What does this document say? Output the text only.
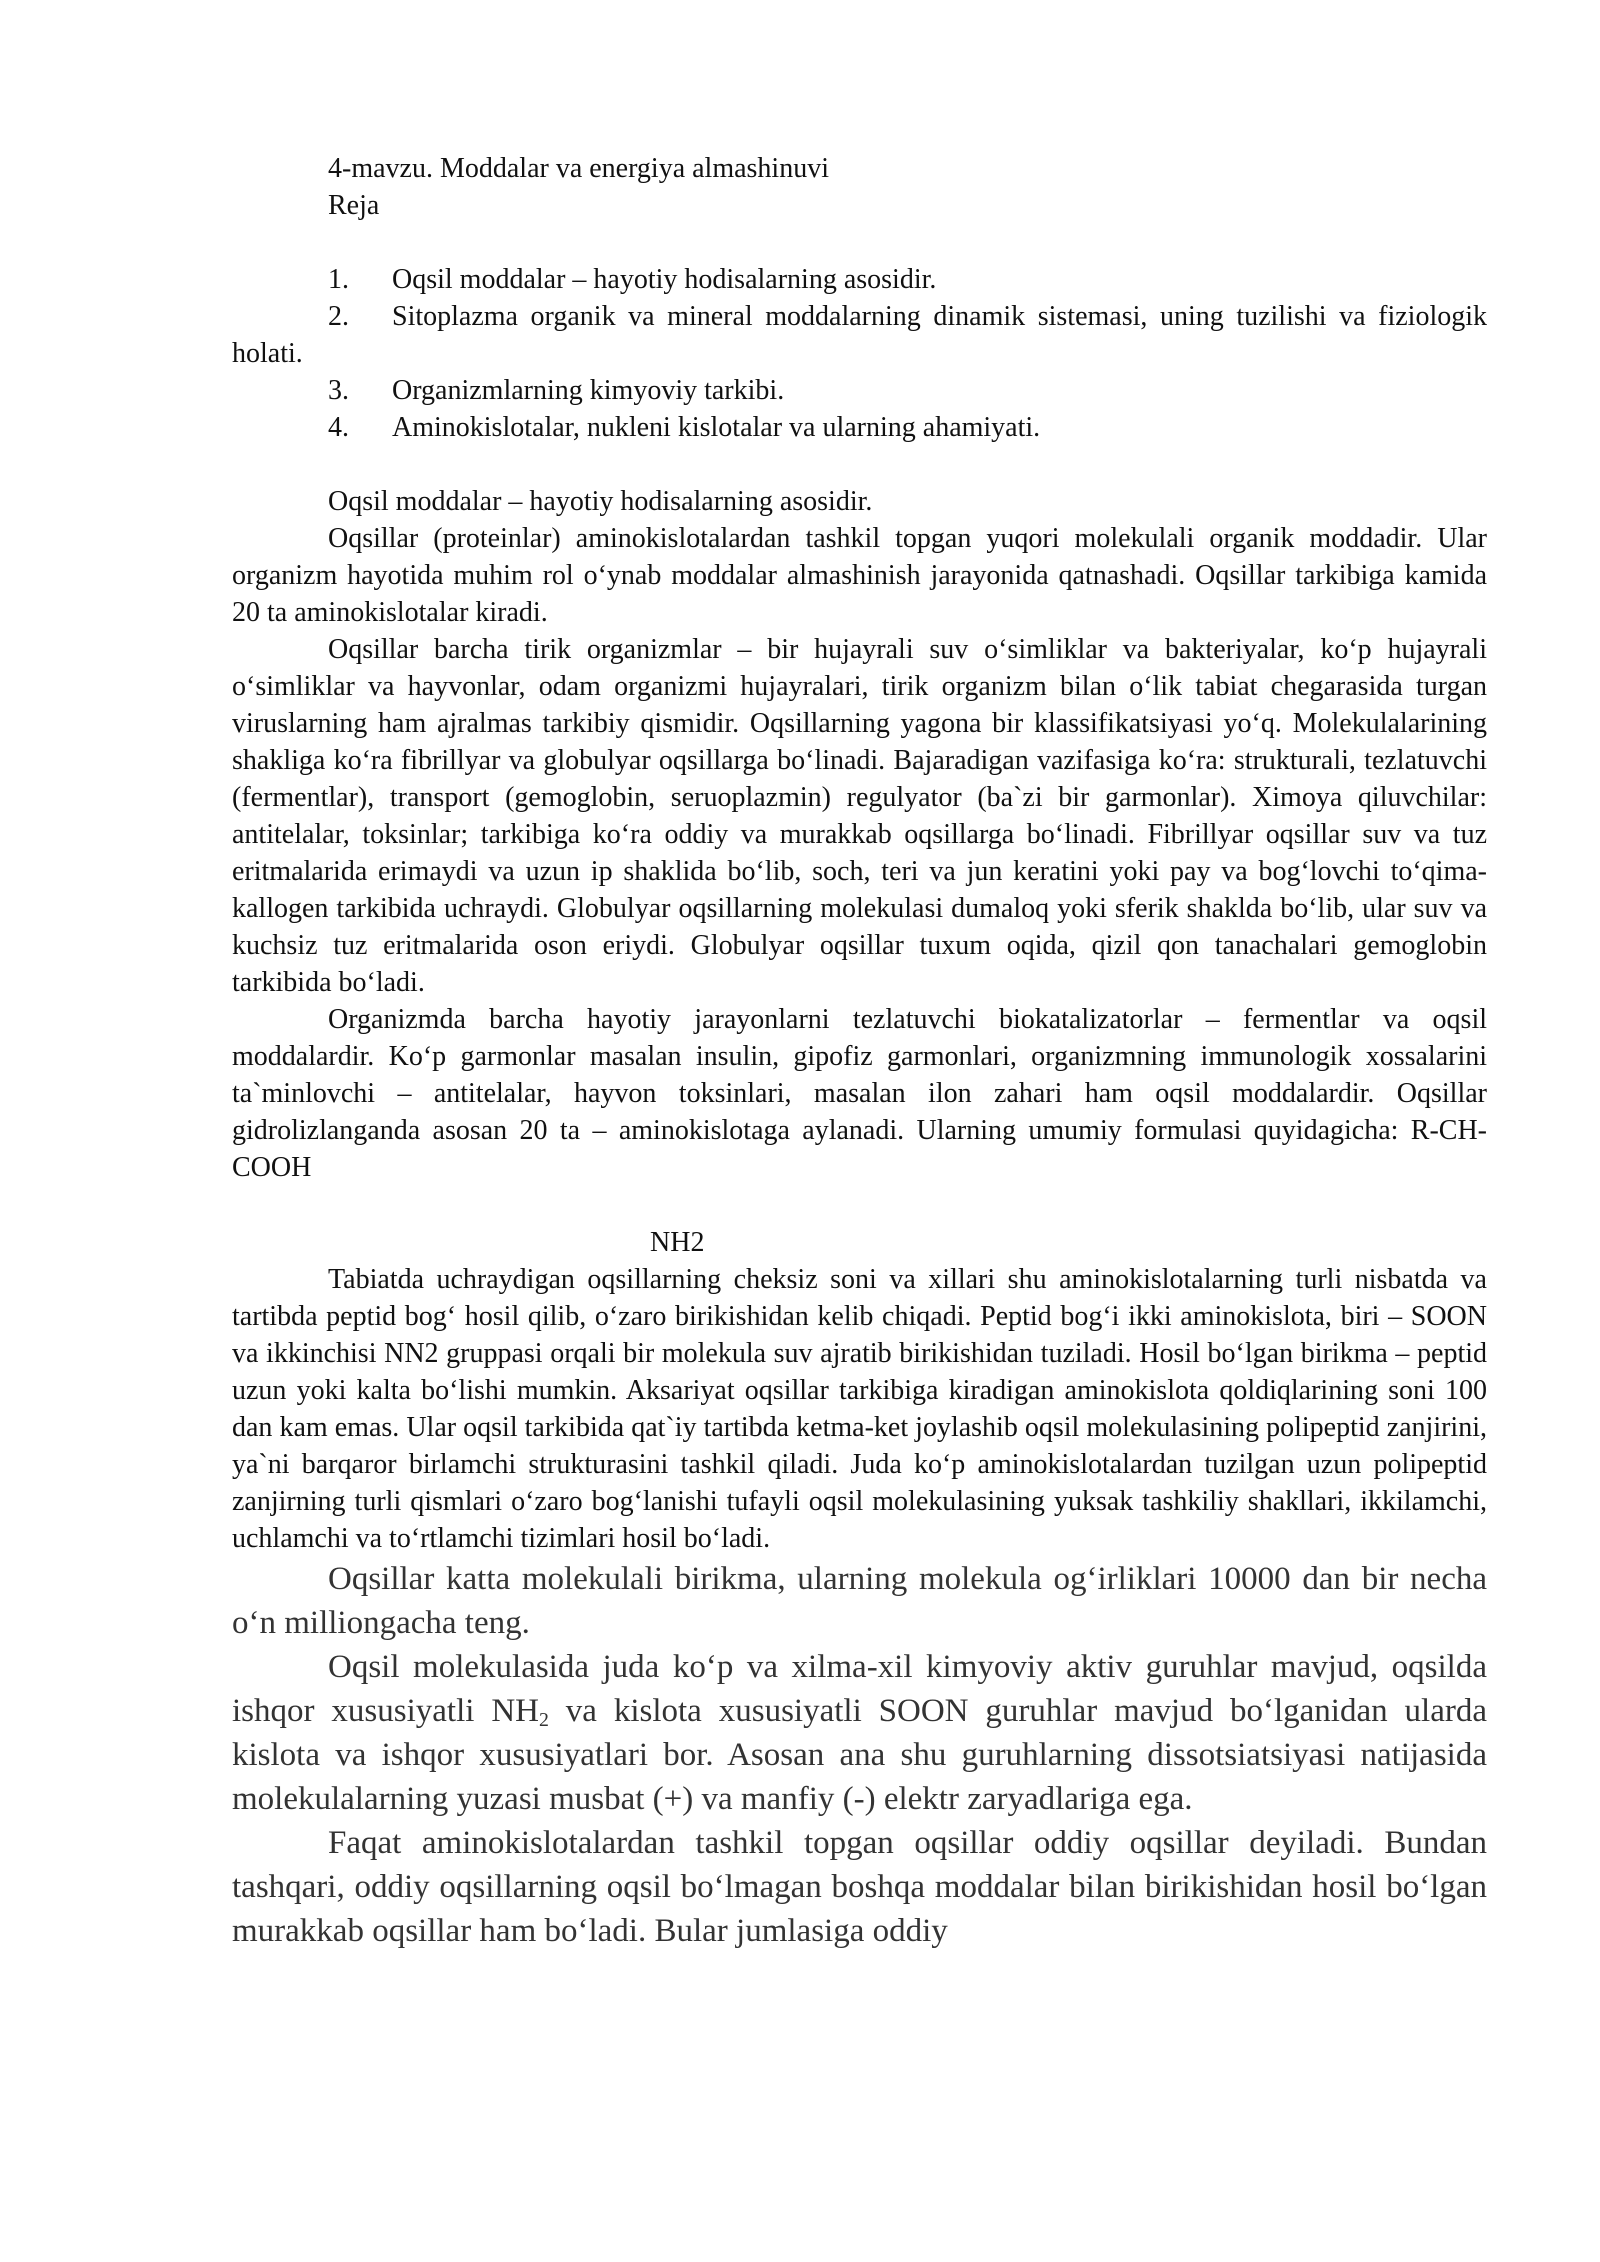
4-mavzu. Moddalar va energiya almashinuvi
Reja
1. Oqsil moddalar – hayotiy hodisalarning asosidir.
2. Sitoplazma organik va mineral moddalarning dinamik sistemasi, uning tuzilishi va fiziologik holati.
3. Organizmlarning kimyoviy tarkibi.
4. Aminokislotalar, nukleni kislotalar va ularning ahamiyati.
Oqsil moddalar – hayotiy hodisalarning asosidir.

Oqsillar (proteinlar) aminokislotalardan tashkil topgan yuqori molekulali organik moddadir. Ular organizm hayotida muhim rol o‘ynab moddalar almashinish jarayonida qatnashadi. Oqsillar tarkibiga kamida 20 ta aminokislotalar kiradi.

Oqsillar barcha tirik organizmlar – bir hujayrali suv o‘simliklar va bakteriyalar, ko‘p hujayrali o‘simliklar va hayvonlar, odam organizmi hujayralari, tirik organizm bilan o‘lik tabiat chegarasida turgan viruslarning ham ajralmas tarkibiy qismidir. Oqsillarning yagona bir klassifikatsiyasi yo‘q. Molekulalarining shakliga ko‘ra fibrillyar va globulyar oqsillarga bo‘linadi. Bajaradigan vazifasiga ko‘ra: strukturali, tezlatuvchi (fermentlar), transport (gemoglobin, seruoplazmin) regulyator (ba`zi bir garmonlar). Ximoya qiluvchilar: antitelalar, toksinlar; tarkibiga ko‘ra oddiy va murakkab oqsillarga bo‘linadi. Fibrillyar oqsillar suv va tuz eritmalarida erimaydi va uzun ip shaklida bo‘lib, soch, teri va jun keratini yoki pay va bog‘lovchi to‘qima-kallogen tarkibida uchraydi. Globulyar oqsillarning molekulasi dumaloq yoki sferik shaklda bo‘lib, ular suv va kuchsiz tuz eritmalarida oson eriydi. Globulyar oqsillar tuxum oqida, qizil qon tanachalari gemoglobin tarkibida bo‘ladi.

Organizmda barcha hayotiy jarayonlarni tezlatuvchi biokatalizatorlar – fermentlar va oqsil moddalardir. Ko‘p garmonlar masalan insulin, gipofiz garmonlari, organizmning immunologik xossalarini ta`minlovchi – antitelalar, hayvon toksinlari, masalan ilon zahari ham oqsil moddalardir. Oqsillar gidrolizlanganda asosan 20 ta – aminokislotaga aylanadi. Ularning umumiy formulasi quyidagicha: R-CH-COOH

NH2

Tabiatda uchraydigan oqsillarning cheksiz soni va xillari shu aminokislotalarning turli nisbatda va tartibda peptid bog‘ hosil qilib, o‘zaro birikishidan kelib chiqadi. Peptid bog‘i ikki aminokislota, biri – SOON va ikkinchisi NN2 gruppasi orqali bir molekula suv ajratib birikishidan tuziladi. Hosil bo‘lgan birikma – peptid uzun yoki kalta bo‘lishi mumkin. Aksariyat oqsillar tarkibiga kiradigan aminokislota qoldiqlarining soni 100 dan kam emas. Ular oqsil tarkibida qat`iy tartibda ketma-ket joylashib oqsil molekulasining polipeptid zanjirini, ya`ni barqaror birlamchi strukturasini tashkil qiladi. Juda ko‘p aminokislotalardan tuzilgan uzun polipeptid zanjirning turli qismlari o‘zaro bog‘lanishi tufayli oqsil molekulasining yuksak tashkiliy shakllari, ikkilamchi, uchlamchi va to‘rtlamchi tizimlari hosil bo‘ladi.

Oqsillar katta molekulali birikma, ularning molekula og‘irliklari 10000 dan bir necha o‘n milliongacha teng.

Oqsil molekulasida juda ko‘p va xilma-xil kimyoviy aktiv guruhlar mavjud, oqsilda ishqor xususiyatli $NH_2$ va kislota xususiyatli SOON guruhlar mavjud bo‘lganidan ularda kislota va ishqor xususiyatlari bor. Asosan ana shu guruhlarning dissotsiatsiyasi natijasida molekulalarning yuzasi musbat (+) va manfiy (-) elektr zaryadlariga ega.

Faqat aminokislotalardan tashkil topgan oqsillar oddiy oqsillar deyiladi. Bundan tashqari, oddiy oqsillarning oqsil bo‘lmagan boshqa moddalar bilan birikishidan hosil bo‘lgan murakkab oqsillar ham bo‘ladi. Bular jumlasiga oddiy
